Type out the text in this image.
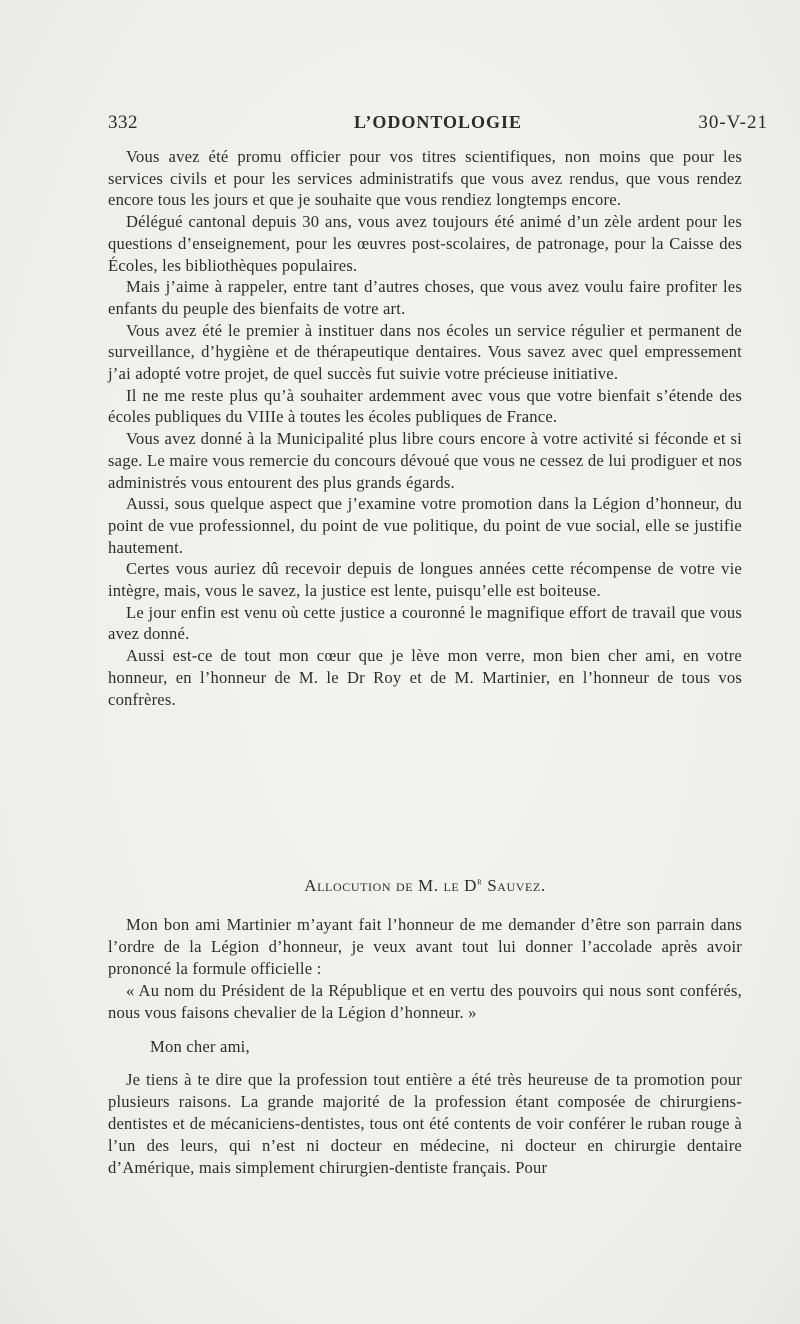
332	L’ODONTOLOGIE	30-V-21

Vous avez été promu officier pour vos titres scientifiques, non moins que pour les services civils et pour les services administratifs que vous avez rendus, que vous rendez encore tous les jours et que je souhaite que vous rendiez longtemps encore.

Délégué cantonal depuis 30 ans, vous avez toujours été animé d’un zèle ardent pour les questions d’enseignement, pour les œuvres post-scolaires, de patronage, pour la Caisse des Écoles, les bibliothèques populaires.

Mais j’aime à rappeler, entre tant d’autres choses, que vous avez voulu faire profiter les enfants du peuple des bienfaits de votre art.

Vous avez été le premier à instituer dans nos écoles un service régulier et permanent de surveillance, d’hygiène et de thérapeutique dentaires. Vous savez avec quel empressement j’ai adopté votre projet, de quel succès fut suivie votre précieuse initiative.

Il ne me reste plus qu’à souhaiter ardemment avec vous que votre bienfait s’étende des écoles publiques du VIIIe à toutes les écoles publiques de France.

Vous avez donné à la Municipalité plus libre cours encore à votre activité si féconde et si sage. Le maire vous remercie du concours dévoué que vous ne cessez de lui prodiguer et nos administrés vous entourent des plus grands égards.

Aussi, sous quelque aspect que j’examine votre promotion dans la Légion d’honneur, du point de vue professionnel, du point de vue politique, du point de vue social, elle se justifie hautement.

Certes vous auriez dû recevoir depuis de longues années cette récompense de votre vie intègre, mais, vous le savez, la justice est lente, puisqu’elle est boiteuse.

Le jour enfin est venu où cette justice a couronné le magnifique effort de travail que vous avez donné.

Aussi est-ce de tout mon cœur que je lève mon verre, mon bien cher ami, en votre honneur, en l’honneur de M. le Dr Roy et de M. Martinier, en l’honneur de tous vos confrères.

Allocution de M. le $D^r$ Sauvez.

Mon bon ami Martinier m’ayant fait l’honneur de me demander d’être son parrain dans l’ordre de la Légion d’honneur, je veux avant tout lui donner l’accolade après avoir prononcé la formule officielle :

« Au nom du Président de la République et en vertu des pouvoirs qui nous sont conférés, nous vous faisons chevalier de la Légion d’honneur. »

Mon cher ami,

Je tiens à te dire que la profession tout entière a été très heureuse de ta promotion pour plusieurs raisons. La grande majorité de la profession étant composée de chirurgiens-dentistes et de mécaniciens-dentistes, tous ont été contents de voir conférer le ruban rouge à l’un des leurs, qui n’est ni docteur en médecine, ni docteur en chirurgie dentaire d’Amérique, mais simplement chirurgien-dentiste français. Pour
